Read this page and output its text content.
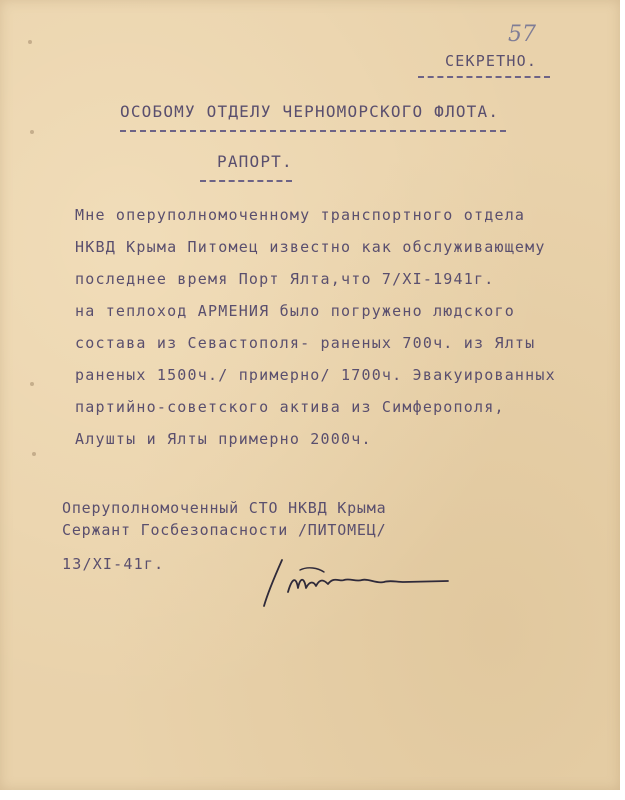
57
СЕКРЕТНО.
ОСОБОМУ ОТДЕЛУ ЧЕРНОМОРСКОГО ФЛОТА.
РАПОРТ.
Мне оперуполномоченному транспортного отдела
НКВД Крыма Питомец известно как обслуживающему
последнее время Порт Ялта,что 7/XI-1941г.
на теплоход АРМЕНИЯ было погружено людского
состава из Севастополя- раненых 700ч. из Ялты
раненых 1500ч./ примерно/ 1700ч. Эвакуированных
партийно-советского актива из Симферополя,
Алушты и Ялты примерно 2000ч.
Оперуполномоченный СТО НКВД Крыма
Сержант Госбезопасности /ПИТОМЕЦ/
13/XI-41г.
